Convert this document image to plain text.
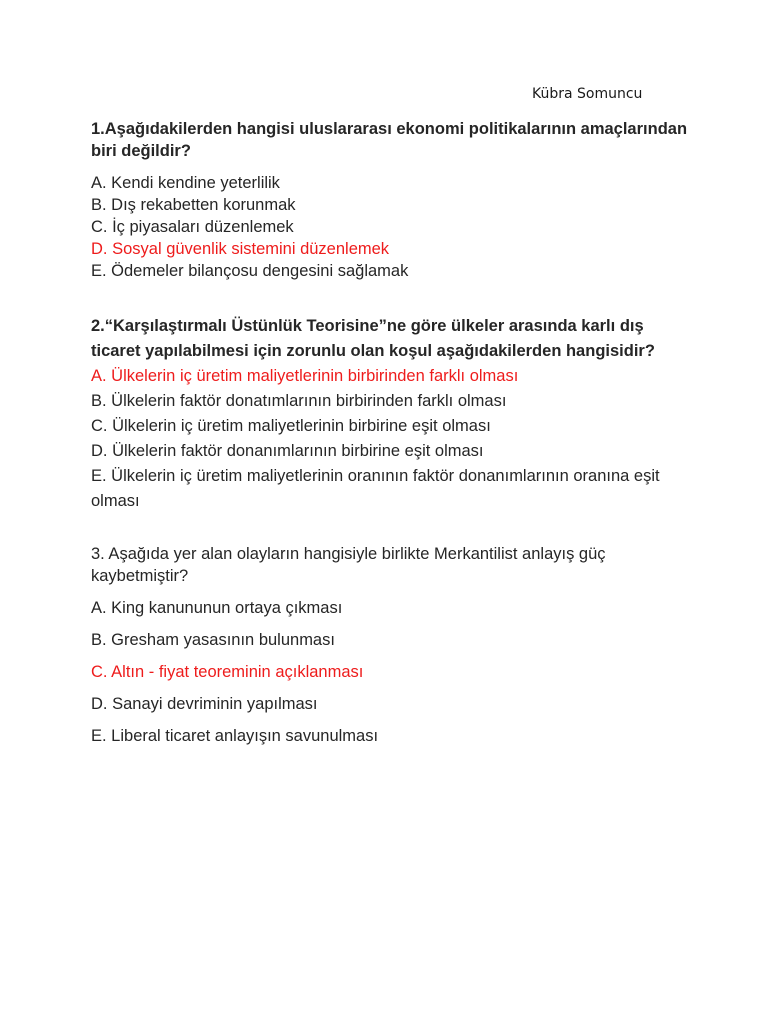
Kübra Somuncu

1.Aşağıdakilerden hangisi uluslararası ekonomi politikalarının amaçlarından biri değildir?

A. Kendi kendine yeterlilik
B. Dış rekabetten korunmak
C. İç piyasaları düzenlemek
D. Sosyal güvenlik sistemini düzenlemek
E. Ödemeler bilançosu dengesini sağlamak

2.“Karşılaştırmalı Üstünlük Teorisine”ne göre ülkeler arasında karlı dış ticaret yapılabilmesi için zorunlu olan koşul aşağıdakilerden hangisidir?

A. Ülkelerin iç üretim maliyetlerinin birbirinden farklı olması
B. Ülkelerin faktör donatımlarının birbirinden farklı olması
C. Ülkelerin iç üretim maliyetlerinin birbirine eşit olması
D. Ülkelerin faktör donanımlarının birbirine eşit olması
E. Ülkelerin iç üretim maliyetlerinin oranının faktör donanımlarının oranına eşit olması

3. Aşağıda yer alan olayların hangisiyle birlikte Merkantilist anlayış güç kaybetmiştir?

A. King kanununun ortaya çıkması
B. Gresham yasasının bulunması
C. Altın - fiyat teoreminin açıklanması
D. Sanayi devriminin yapılması
E. Liberal ticaret anlayışın savunulması
